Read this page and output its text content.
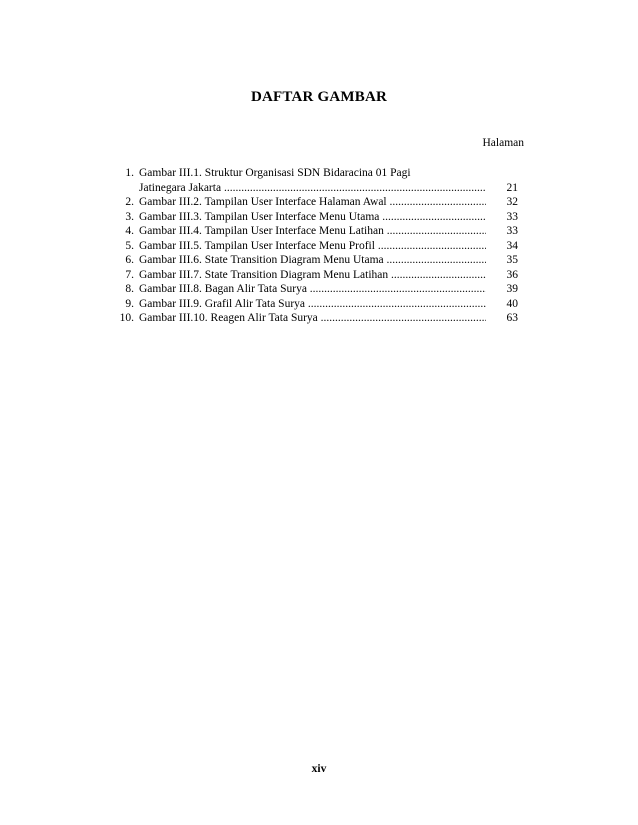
DAFTAR GAMBAR
Halaman
1. Gambar III.1. Struktur Organisasi SDN Bidaracina 01 Pagi
Jatinegara Jakarta .....	21
2. Gambar III.2. Tampilan User Interface Halaman Awal .....	32
3. Gambar III.3. Tampilan User Interface Menu Utama .....	33
4. Gambar III.4. Tampilan User Interface Menu Latihan .....	33
5. Gambar III.5. Tampilan User Interface Menu Profil .....	34
6. Gambar III.6. State Transition Diagram Menu Utama .....	35
7. Gambar III.7. State Transition Diagram Menu Latihan .....	36
8. Gambar III.8. Bagan Alir Tata Surya .....	39
9. Gambar III.9. Grafil Alir Tata Surya .....	40
10. Gambar III.10. Reagen Alir Tata Surya .....	63
xiv
